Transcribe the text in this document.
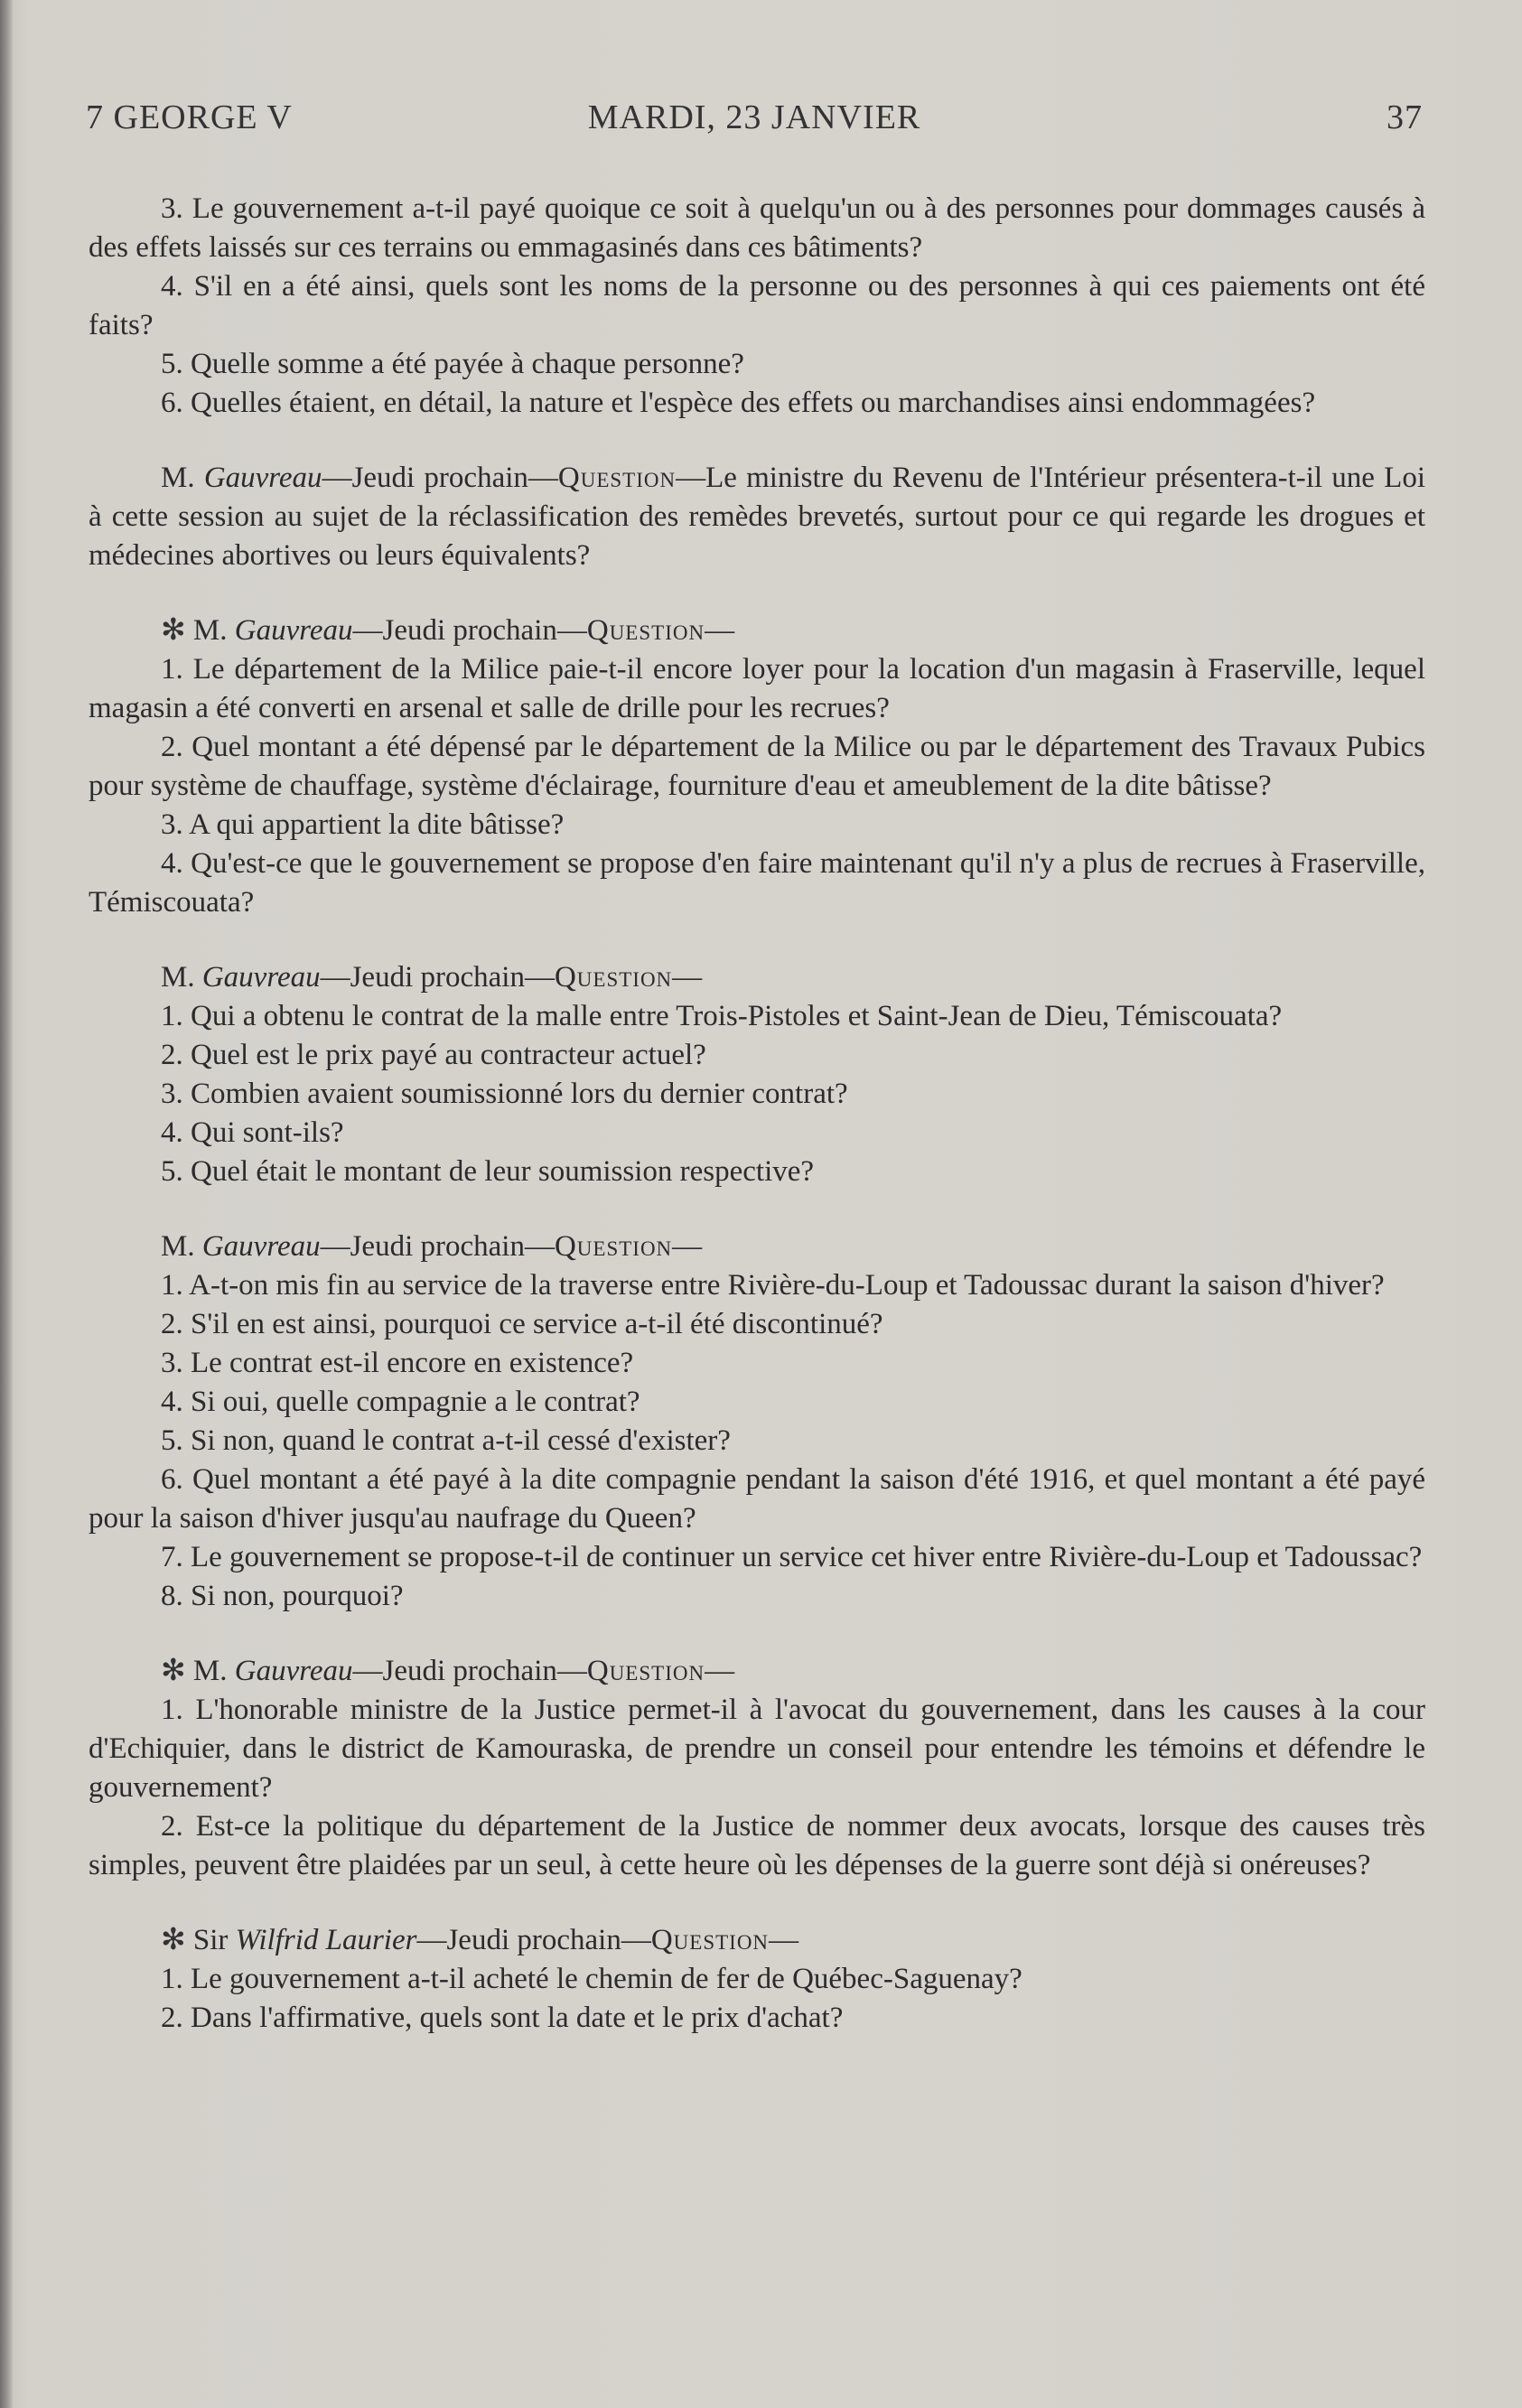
7 GEORGE V	MARDI, 23 JANVIER	37

3. Le gouvernement a-t-il payé quoique ce soit à quelqu'un ou à des personnes pour dommages causés à des effets laissés sur ces terrains ou emmagasinés dans ces bâtiments?

4. S'il en a été ainsi, quels sont les noms de la personne ou des personnes à qui ces paiements ont été faits?

5. Quelle somme a été payée à chaque personne?

6. Quelles étaient, en détail, la nature et l'espèce des effets ou marchandises ainsi endommagées?

M. Gauvreau—Jeudi prochain—Question—Le ministre du Revenu de l'Intérieur présentera-t-il une Loi à cette session au sujet de la réclassification des remèdes brevetés, surtout pour ce qui regarde les drogues et médecines abortives ou leurs équivalents?

✻ M. Gauvreau—Jeudi prochain—Question—

1. Le département de la Milice paie-t-il encore loyer pour la location d'un magasin à Fraserville, lequel magasin a été converti en arsenal et salle de drille pour les recrues?

2. Quel montant a été dépensé par le département de la Milice ou par le département des Travaux Pubics pour système de chauffage, système d'éclairage, fourniture d'eau et ameublement de la dite bâtisse?

3. A qui appartient la dite bâtisse?

4. Qu'est-ce que le gouvernement se propose d'en faire maintenant qu'il n'y a plus de recrues à Fraserville, Témiscouata?

M. Gauvreau—Jeudi prochain—Question—

1. Qui a obtenu le contrat de la malle entre Trois-Pistoles et Saint-Jean de Dieu, Témiscouata?

2. Quel est le prix payé au contracteur actuel?

3. Combien avaient soumissionné lors du dernier contrat?

4. Qui sont-ils?

5. Quel était le montant de leur soumission respective?

M. Gauvreau—Jeudi prochain—Question—

1. A-t-on mis fin au service de la traverse entre Rivière-du-Loup et Tadoussac durant la saison d'hiver?

2. S'il en est ainsi, pourquoi ce service a-t-il été discontinué?

3. Le contrat est-il encore en existence?

4. Si oui, quelle compagnie a le contrat?

5. Si non, quand le contrat a-t-il cessé d'exister?

6. Quel montant a été payé à la dite compagnie pendant la saison d'été 1916, et quel montant a été payé pour la saison d'hiver jusqu'au naufrage du Queen?

7. Le gouvernement se propose-t-il de continuer un service cet hiver entre Rivière-du-Loup et Tadoussac?

8. Si non, pourquoi?

✻ M. Gauvreau—Jeudi prochain—Question—

1. L'honorable ministre de la Justice permet-il à l'avocat du gouvernement, dans les causes à la cour d'Echiquier, dans le district de Kamouraska, de prendre un conseil pour entendre les témoins et défendre le gouvernement?

2. Est-ce la politique du département de la Justice de nommer deux avocats, lorsque des causes très simples, peuvent être plaidées par un seul, à cette heure où les dépenses de la guerre sont déjà si onéreuses?

✻ Sir Wilfrid Laurier—Jeudi prochain—Question—

1. Le gouvernement a-t-il acheté le chemin de fer de Québec-Saguenay?

2. Dans l'affirmative, quels sont la date et le prix d'achat?
